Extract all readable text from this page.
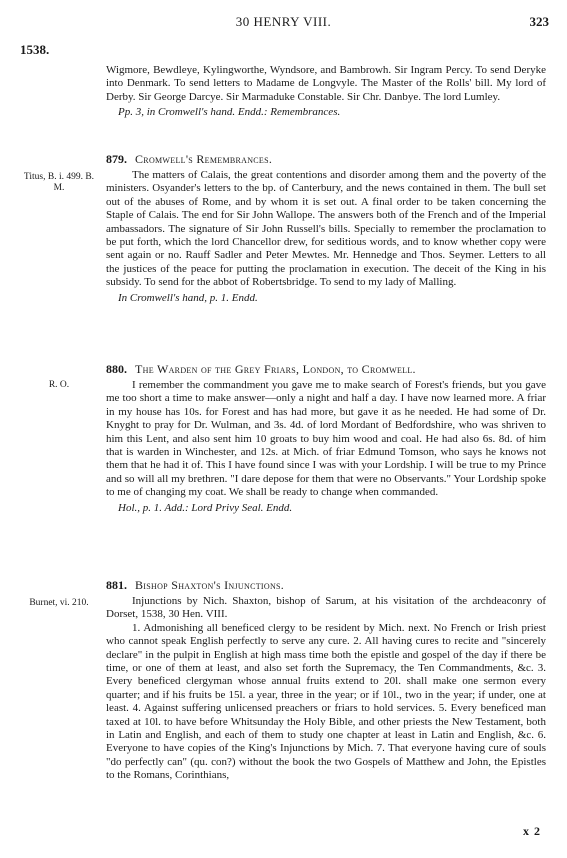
30 HENRY VIII.	323
1538.

Wigmore, Bewdleye, Kylingworthe, Wyndsore, and Bambrowh. Sir Ingram Percy. To send Deryke into Denmark. To send letters to Madame de Longvyle. The Master of the Rolls' bill. My lord of Derby. Sir George Darcye. Sir Marmaduke Constable. Sir Chr. Danbye. The lord Lumley.

Pp. 3, in Cromwell's hand. Endd.: Remembrances.
879. Cromwell's Remembrances.

The matters of Calais, the great contentions and disorder among them and the poverty of the ministers. Osyander's letters to the bp. of Canterbury, and the news contained in them. The bull set out of the abuses of Rome, and by whom it is set out. A final order to be taken concerning the Staple of Calais. The end for Sir John Wallope. The answers both of the French and of the Imperial ambassadors. The signature of Sir John Russell's bills. Specially to remember the proclamation to be put forth, which the lord Chancellor drew, for seditious words, and to know whether copy were sent again or no. Rauff Sadler and Peter Mewtes. Mr. Hennedge and Thos. Seymer. Letters to all the justices of the peace for putting the proclamation in execution. The deceit of the King in his subsidy. To send for the abbot of Robertsbridge. To send to my lady of Malling.

In Cromwell's hand, p. 1. Endd.
Titus, B. i. 499. B. M.
880. The Warden of the Grey Friars, London, to Cromwell.

I remember the commandment you gave me to make search of Forest's friends, but you gave me too short a time to make answer—only a night and half a day. I have now learned more. A friar in my house has 10s. for Forest and has had more, but gave it as he needed. He had some of Dr. Knyght to pray for Dr. Wulman, and 3s. 4d. of lord Mordant of Bedfordshire, who was shriven to him this Lent, and also sent him 10 groats to buy him wood and coal. He had also 6s. 8d. of him that is warden in Winchester, and 12s. at Mich. of friar Edmund Tomson, who says he knows not them that he had it of. This I have found since I was with your Lordship. I will be true to my Prince and so will all my brethren. "I dare depose for them that were no Observants." Your Lordship spoke to me of changing my coat. We shall be ready to change when commanded.

Hol., p. 1. Add.: Lord Privy Seal. Endd.
R. O.
881. Bishop Shaxton's Injunctions.

Injunctions by Nich. Shaxton, bishop of Sarum, at his visitation of the archdeaconry of Dorset, 1538, 30 Hen. VIII.

1. Admonishing all beneficed clergy to be resident by Mich. next. No French or Irish priest who cannot speak English perfectly to serve any cure. 2. All having cures to recite and "sincerely declare" in the pulpit in English at high mass time both the epistle and gospel of the day if there be time, or one of them at least, and also set forth the Supremacy, the Ten Commandments, &c. 3. Every beneficed clergyman whose annual fruits extend to 20l. shall make one sermon every quarter; and if his fruits be 15l. a year, three in the year; or if 10l., two in the year; if under, one at least. 4. Against suffering unlicensed preachers or friars to hold services. 5. Every beneficed man taxed at 10l. to have before Whitsunday the Holy Bible, and other priests the New Testament, both in Latin and English, and each of them to study one chapter at least in Latin and English, &c. 6. Everyone to have copies of the King's Injunctions by Mich. 7. That everyone having cure of souls "do perfectly can" (qu. con?) without the book the two Gospels of Matthew and John, the Epistles to the Romans, Corinthians,

Burnet, vi. 210.
x 2
